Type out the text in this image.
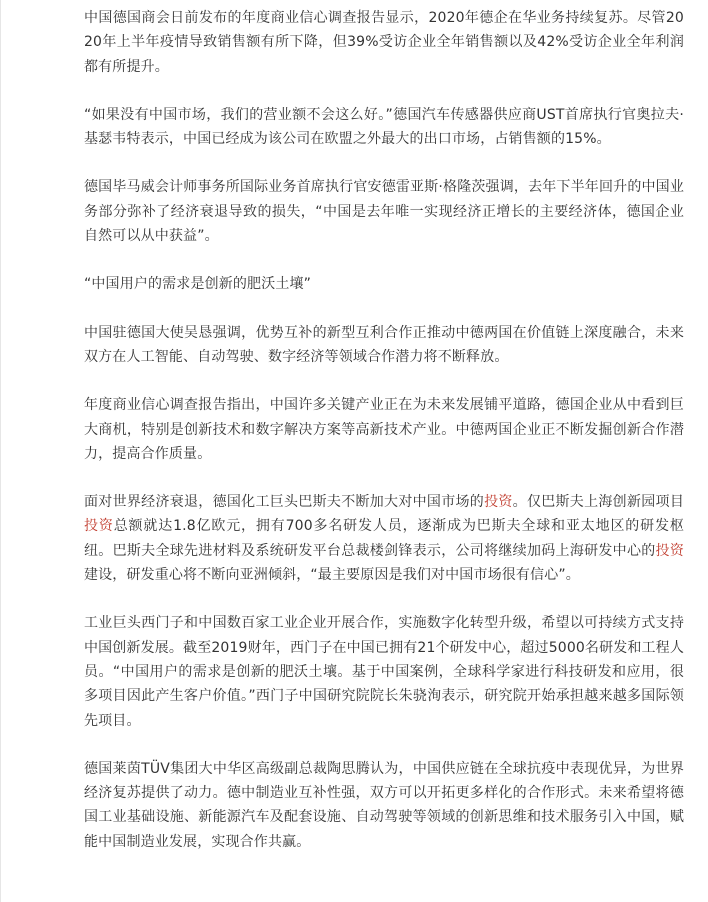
中国德国商会日前发布的年度商业信心调查报告显示，2020年德企在华业务持续复苏。尽管2020年上半年疫情导致销售额有所下降，但39%受访企业全年销售额以及42%受访企业全年利润都有所提升。

“如果没有中国市场，我们的营业额不会这么好。”德国汽车传感器供应商UST首席执行官奥拉夫·基瑟韦特表示，中国已经成为该公司在欧盟之外最大的出口市场，占销售额的15%。

德国毕马威会计师事务所国际业务首席执行官安德雷亚斯·格隆茨强调，去年下半年回升的中国业务部分弥补了经济衰退导致的损失，“中国是去年唯一实现经济正增长的主要经济体，德国企业自然可以从中获益”。

“中国用户的需求是创新的肥沃土壤”

中国驻德国大使吴恳强调，优势互补的新型互利合作正推动中德两国在价值链上深度融合，未来双方在人工智能、自动驾驶、数字经济等领域合作潜力将不断释放。

年度商业信心调查报告指出，中国许多关键产业正在为未来发展铺平道路，德国企业从中看到巨大商机，特别是创新技术和数字解决方案等高新技术产业。中德两国企业正不断发掘创新合作潜力，提高合作质量。

面对世界经济衰退，德国化工巨头巴斯夫不断加大对中国市场的投资。仅巴斯夫上海创新园项目投资总额就达1.8亿欧元，拥有700多名研发人员，逐渐成为巴斯夫全球和亚太地区的研发枢纽。巴斯夫全球先进材料及系统研发平台总裁楼剑锋表示，公司将继续加码上海研发中心的投资建设，研发重心将不断向亚洲倾斜，“最主要原因是我们对中国市场很有信心”。

工业巨头西门子和中国数百家工业企业开展合作，实施数字化转型升级，希望以可持续方式支持中国创新发展。截至2019财年，西门子在中国已拥有21个研发中心，超过5000名研发和工程人员。“中国用户的需求是创新的肥沃土壤。基于中国案例，全球科学家进行科技研发和应用，很多项目因此产生客户价值。”西门子中国研究院院长朱骁洵表示，研究院开始承担越来越多国际领先项目。

德国莱茵TÜV集团大中华区高级副总裁陶思腾认为，中国供应链在全球抗疫中表现优异，为世界经济复苏提供了动力。德中制造业互补性强，双方可以开拓更多样化的合作形式。未来希望将德国工业基础设施、新能源汽车及配套设施、自动驾驶等领域的创新思维和技术服务引入中国，赋能中国制造业发展，实现合作共赢。
